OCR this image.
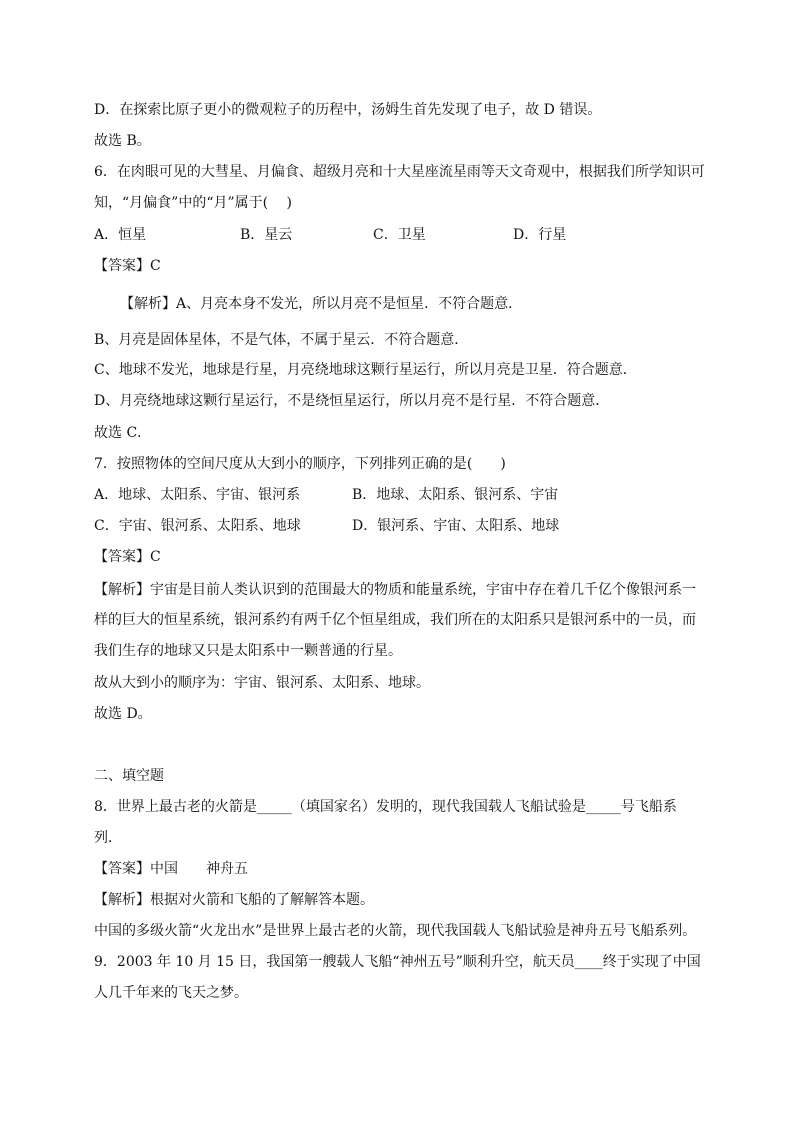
D．在探索比原子更小的微观粒子的历程中，汤姆生首先发现了电子，故 D 错误。
故选 B。
6．在肉眼可见的大彗星、月偏食、超级月亮和十大星座流星雨等天文奇观中，根据我们所学知识可
知，“月偏食”中的“月”属于(　 )
A．恒星	B．星云	C．卫星	D．行星
【答案】C
【解析】A、月亮本身不发光，所以月亮不是恒星．不符合题意．
B、月亮是固体星体，不是气体，不属于星云．不符合题意．
C、地球不发光，地球是行星，月亮绕地球这颗行星运行，所以月亮是卫星．符合题意．
D、月亮绕地球这颗行星运行，不是绕恒星运行，所以月亮不是行星．不符合题意．
故选 C．
7．按照物体的空间尺度从大到小的顺序，下列排列正确的是(　　)
A．地球、太阳系、宇宙、银河系	B．地球、太阳系、银河系、宇宙
C．宇宙、银河系、太阳系、地球	D．银河系、宇宙、太阳系、地球
【答案】C
【解析】宇宙是目前人类认识到的范围最大的物质和能量系统，宇宙中存在着几千亿个像银河系一
样的巨大的恒星系统，银河系约有两千亿个恒星组成，我们所在的太阳系只是银河系中的一员，而
我们生存的地球又只是太阳系中一颗普通的行星。
故从大到小的顺序为：宇宙、银河系、太阳系、地球。
故选 D。
二、填空题
8．世界上最古老的火箭是_____（填国家名）发明的，现代我国载人飞船试验是_____号飞船系
列．
【答案】中国　　神舟五
【解析】根据对火箭和飞船的了解解答本题。
中国的多级火箭“火龙出水”是世界上最古老的火箭，现代我国载人飞船试验是神舟五号飞船系列。
9．2003 年 10 月 15 日，我国第一艘载人飞船“神州五号”顺利升空，航天员____终于实现了中国
人几千年来的飞天之梦。
